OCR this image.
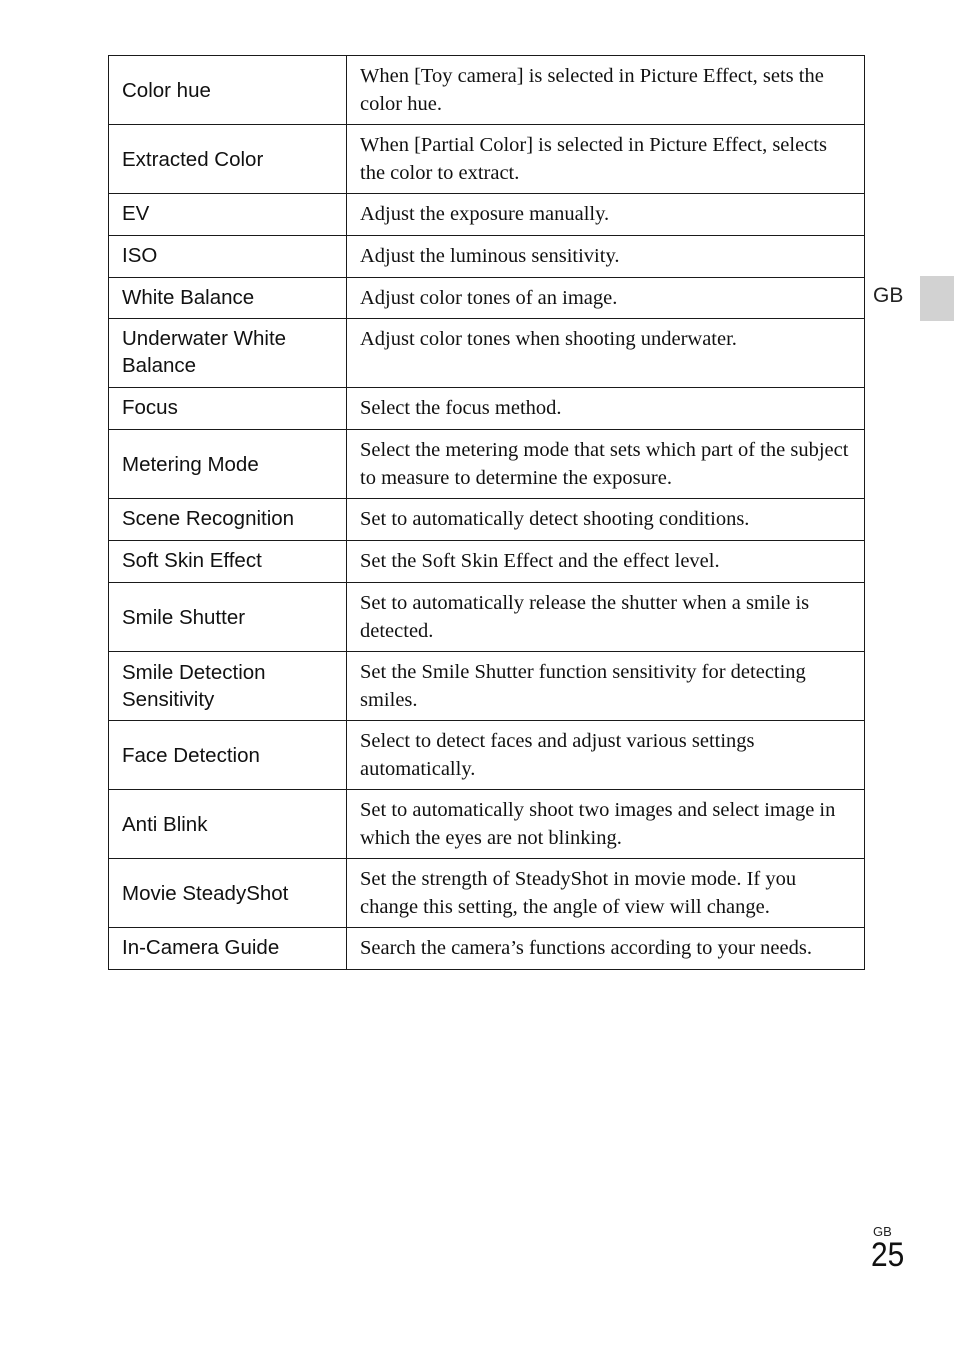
Color hue	When [Toy camera] is selected in Picture Effect, sets the color hue.
Extracted Color	When [Partial Color] is selected in Picture Effect, selects the color to extract.
EV	Adjust the exposure manually.
ISO	Adjust the luminous sensitivity.
White Balance	Adjust color tones of an image.
Underwater White Balance	Adjust color tones when shooting underwater.
Focus	Select the focus method.
Metering Mode	Select the metering mode that sets which part of the subject to measure to determine the exposure.
Scene Recognition	Set to automatically detect shooting conditions.
Soft Skin Effect	Set the Soft Skin Effect and the effect level.
Smile Shutter	Set to automatically release the shutter when a smile is detected.
Smile Detection Sensitivity	Set the Smile Shutter function sensitivity for detecting smiles.
Face Detection	Select to detect faces and adjust various settings automatically.
Anti Blink	Set to automatically shoot two images and select image in which the eyes are not blinking.
Movie SteadyShot	Set the strength of SteadyShot in movie mode. If you change this setting, the angle of view will change.
In-Camera Guide	Search the camera’s functions according to your needs.
GB
GB
25
